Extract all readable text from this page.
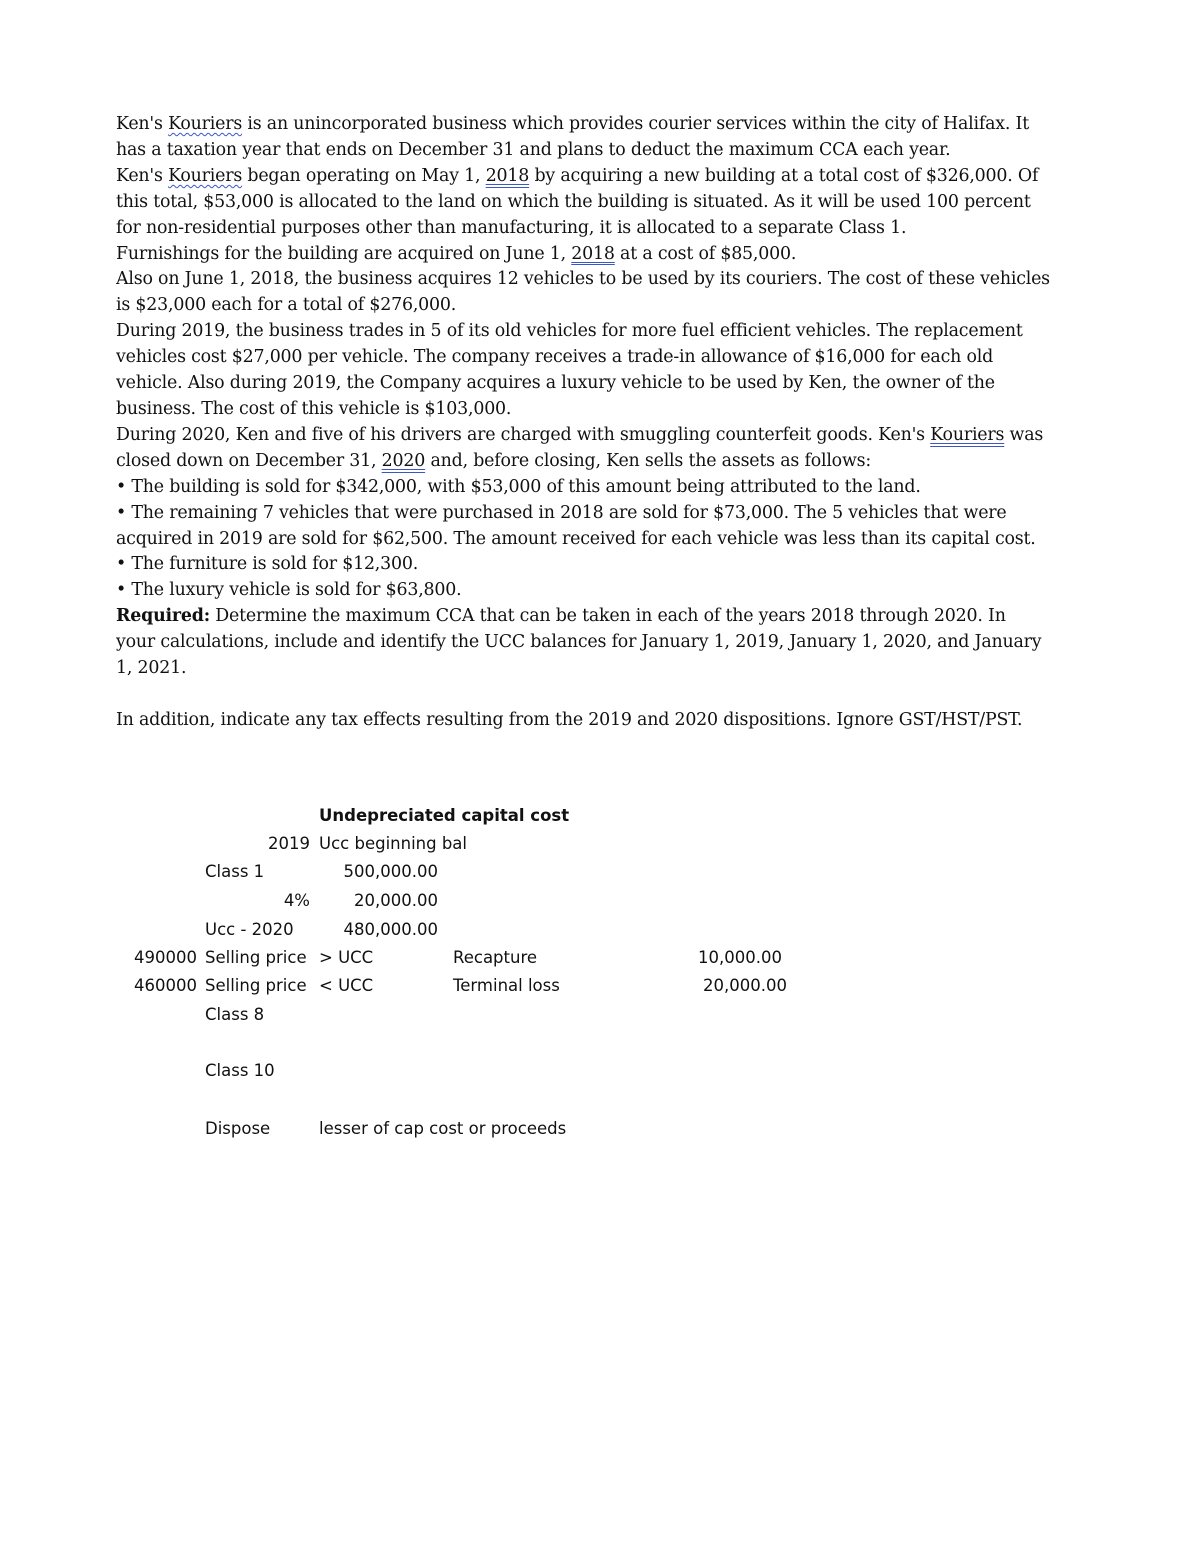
Ken's Kouriers is an unincorporated business which provides courier services within the city of Halifax. It
has a taxation year that ends on December 31 and plans to deduct the maximum CCA each year.
Ken's Kouriers began operating on May 1, 2018 by acquiring a new building at a total cost of $326,000. Of
this total, $53,000 is allocated to the land on which the building is situated. As it will be used 100 percent
for non-residential purposes other than manufacturing, it is allocated to a separate Class 1.
Furnishings for the building are acquired on June 1, 2018 at a cost of $85,000.
Also on June 1, 2018, the business acquires 12 vehicles to be used by its couriers. The cost of these vehicles
is $23,000 each for a total of $276,000.
During 2019, the business trades in 5 of its old vehicles for more fuel efficient vehicles. The replacement
vehicles cost $27,000 per vehicle. The company receives a trade-in allowance of $16,000 for each old
vehicle. Also during 2019, the Company acquires a luxury vehicle to be used by Ken, the owner of the
business. The cost of this vehicle is $103,000.
During 2020, Ken and five of his drivers are charged with smuggling counterfeit goods. Ken's Kouriers was
closed down on December 31, 2020 and, before closing, Ken sells the assets as follows:
• The building is sold for $342,000, with $53,000 of this amount being attributed to the land.
• The remaining 7 vehicles that were purchased in 2018 are sold for $73,000. The 5 vehicles that were
acquired in 2019 are sold for $62,500. The amount received for each vehicle was less than its capital cost.
• The furniture is sold for $12,300.
• The luxury vehicle is sold for $63,800.
Required: Determine the maximum CCA that can be taken in each of the years 2018 through 2020. In
your calculations, include and identify the UCC balances for January 1, 2019, January 1, 2020, and January
1, 2021.
In addition, indicate any tax effects resulting from the 2019 and 2020 dispositions. Ignore GST/HST/PST.
Undepreciated capital cost
2019 Ucc beginning bal
Class 1	500,000.00
4%	20,000.00
Ucc - 2020	480,000.00
490000 Selling price > UCC	Recapture	10,000.00
460000 Selling price < UCC	Terminal loss	20,000.00
Class 8
Class 10
Dispose	lesser of cap cost or proceeds
